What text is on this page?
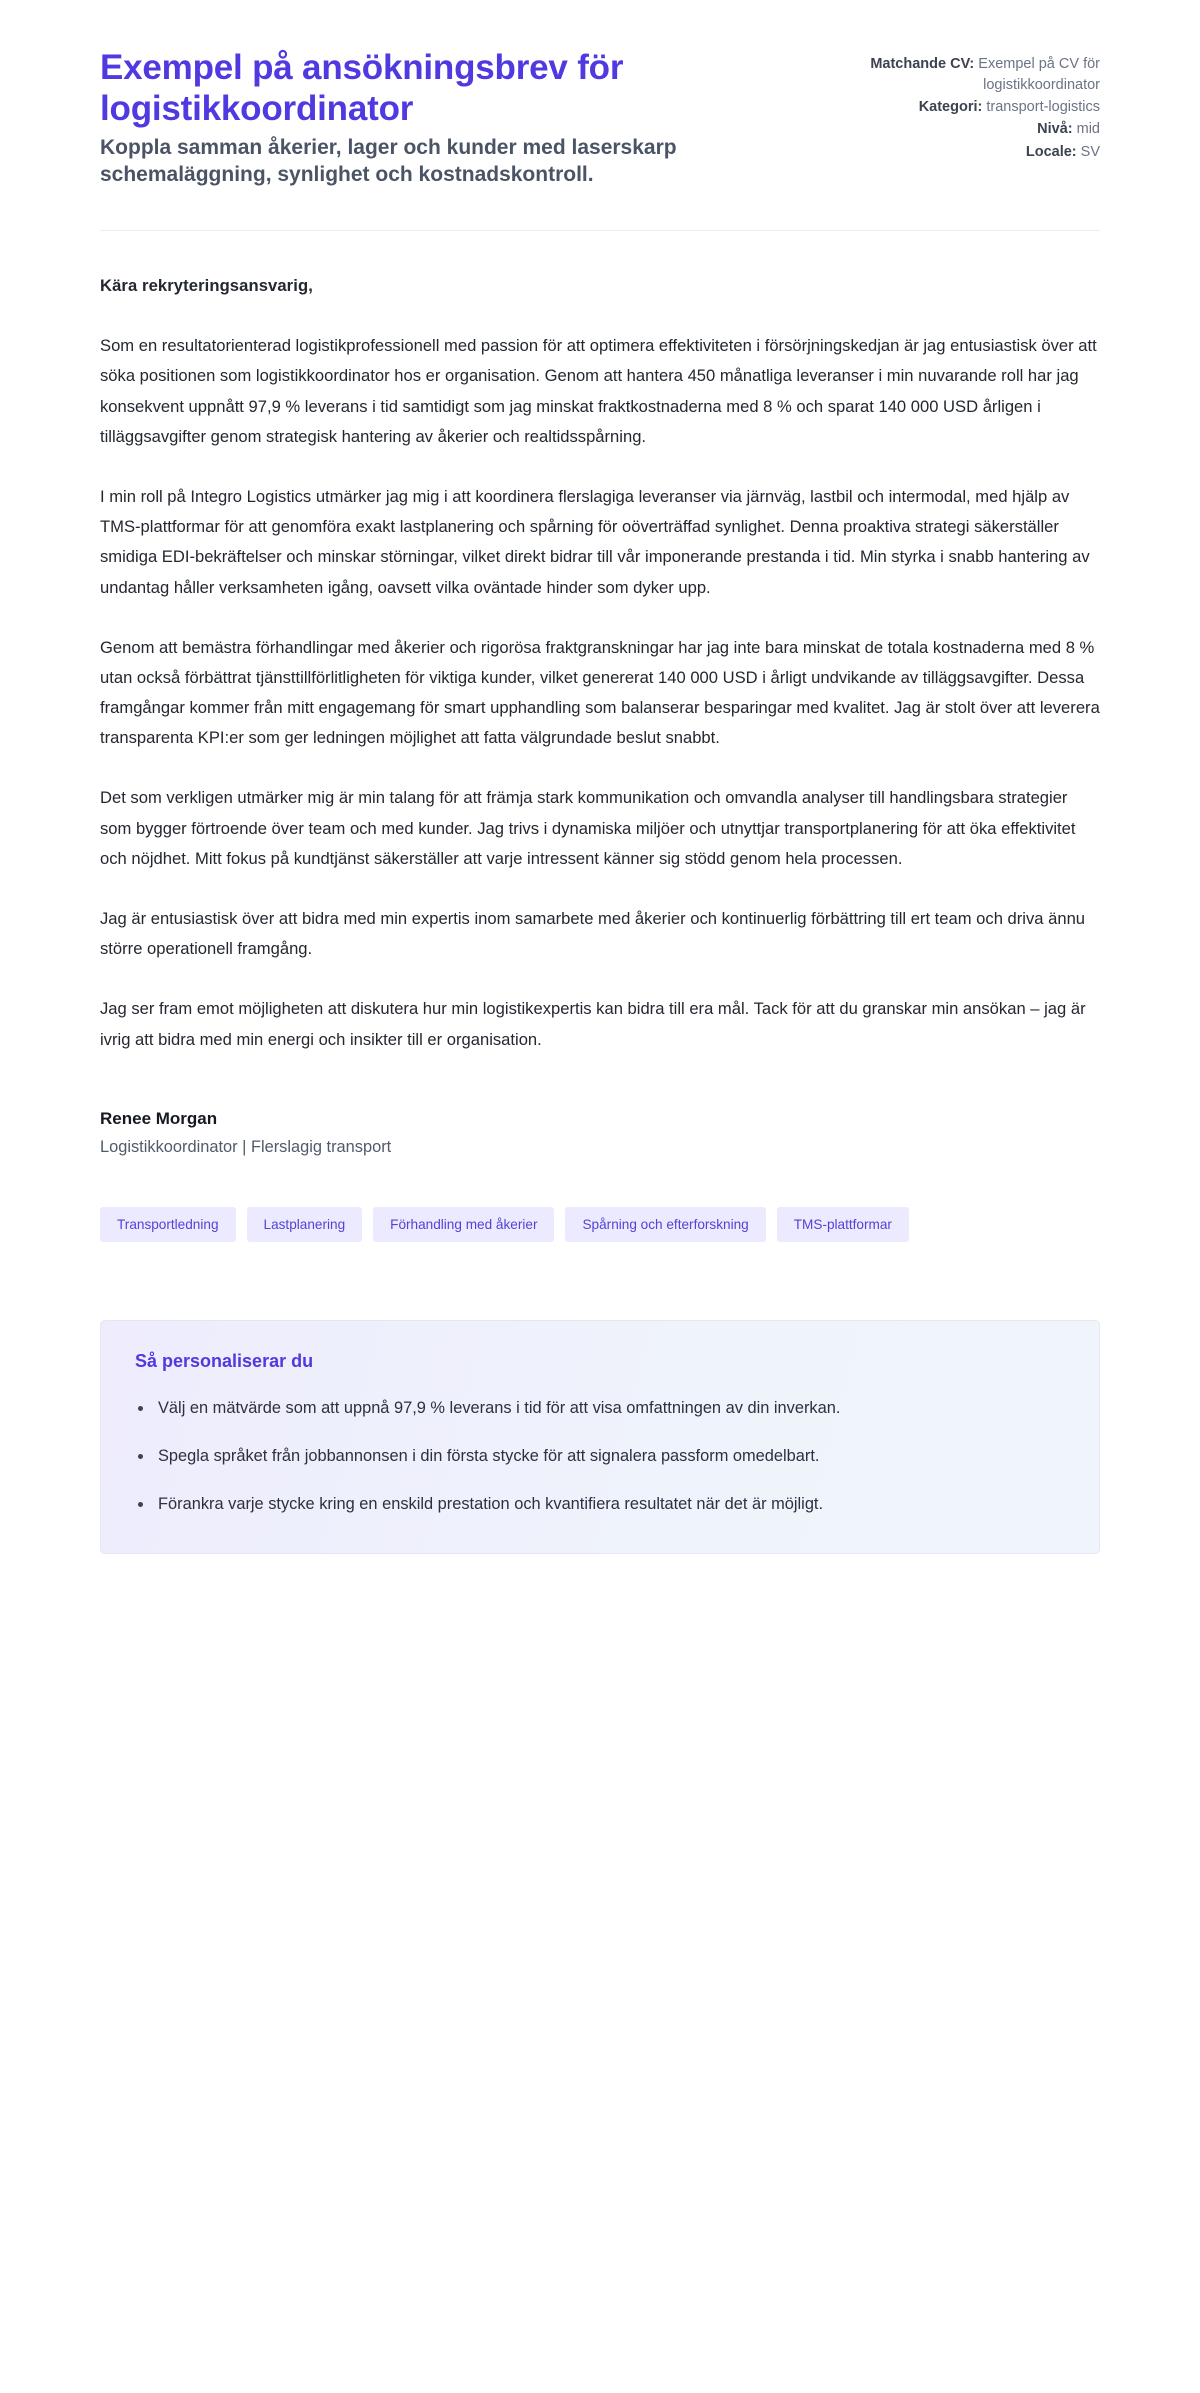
Exempel på ansökningsbrev för logistikkoordinator

Koppla samman åkerier, lager och kunder med laserskarp schemaläggning, synlighet och kostnadskontroll.

Matchande CV: Exempel på CV för logistikkoordinator
Kategori: transport-logistics
Nivå: mid
Locale: SV

Kära rekryteringsansvarig,

Som en resultatorienterad logistikprofessionell med passion för att optimera effektiviteten i försörjningskedjan är jag entusiastisk över att söka positionen som logistikkoordinator hos er organisation. Genom att hantera 450 månatliga leveranser i min nuvarande roll har jag konsekvent uppnått 97,9 % leverans i tid samtidigt som jag minskat fraktkostnaderna med 8 % och sparat 140 000 USD årligen i tilläggsavgifter genom strategisk hantering av åkerier och realtidsspårning.

I min roll på Integro Logistics utmärker jag mig i att koordinera flerslagiga leveranser via järnväg, lastbil och intermodal, med hjälp av TMS-plattformar för att genomföra exakt lastplanering och spårning för oöverträffad synlighet. Denna proaktiva strategi säkerställer smidiga EDI-bekräftelser och minskar störningar, vilket direkt bidrar till vår imponerande prestanda i tid. Min styrka i snabb hantering av undantag håller verksamheten igång, oavsett vilka oväntade hinder som dyker upp.

Genom att bemästra förhandlingar med åkerier och rigorösa fraktgranskningar har jag inte bara minskat de totala kostnaderna med 8 % utan också förbättrat tjänsttillförlitligheten för viktiga kunder, vilket genererat 140 000 USD i årligt undvikande av tilläggsavgifter. Dessa framgångar kommer från mitt engagemang för smart upphandling som balanserar besparingar med kvalitet. Jag är stolt över att leverera transparenta KPI:er som ger ledningen möjlighet att fatta välgrundade beslut snabbt.

Det som verkligen utmärker mig är min talang för att främja stark kommunikation och omvandla analyser till handlingsbara strategier som bygger förtroende över team och med kunder. Jag trivs i dynamiska miljöer och utnyttjar transportplanering för att öka effektivitet och nöjdhet. Mitt fokus på kundtjänst säkerställer att varje intressent känner sig stödd genom hela processen.

Jag är entusiastisk över att bidra med min expertis inom samarbete med åkerier och kontinuerlig förbättring till ert team och driva ännu större operationell framgång.

Jag ser fram emot möjligheten att diskutera hur min logistikexpertis kan bidra till era mål. Tack för att du granskar min ansökan – jag är ivrig att bidra med min energi och insikter till er organisation.

Renee Morgan

Logistikkoordinator | Flerslagig transport

Transportledning	Lastplanering	Förhandling med åkerier	Spårning och efterforskning	TMS-plattformar
Så personaliserar du
Välj en mätvärde som att uppnå 97,9 % leverans i tid för att visa omfattningen av din inverkan.
Spegla språket från jobbannonsen i din första stycke för att signalera passform omedelbart.
Förankra varje stycke kring en enskild prestation och kvantifiera resultatet när det är möjligt.
